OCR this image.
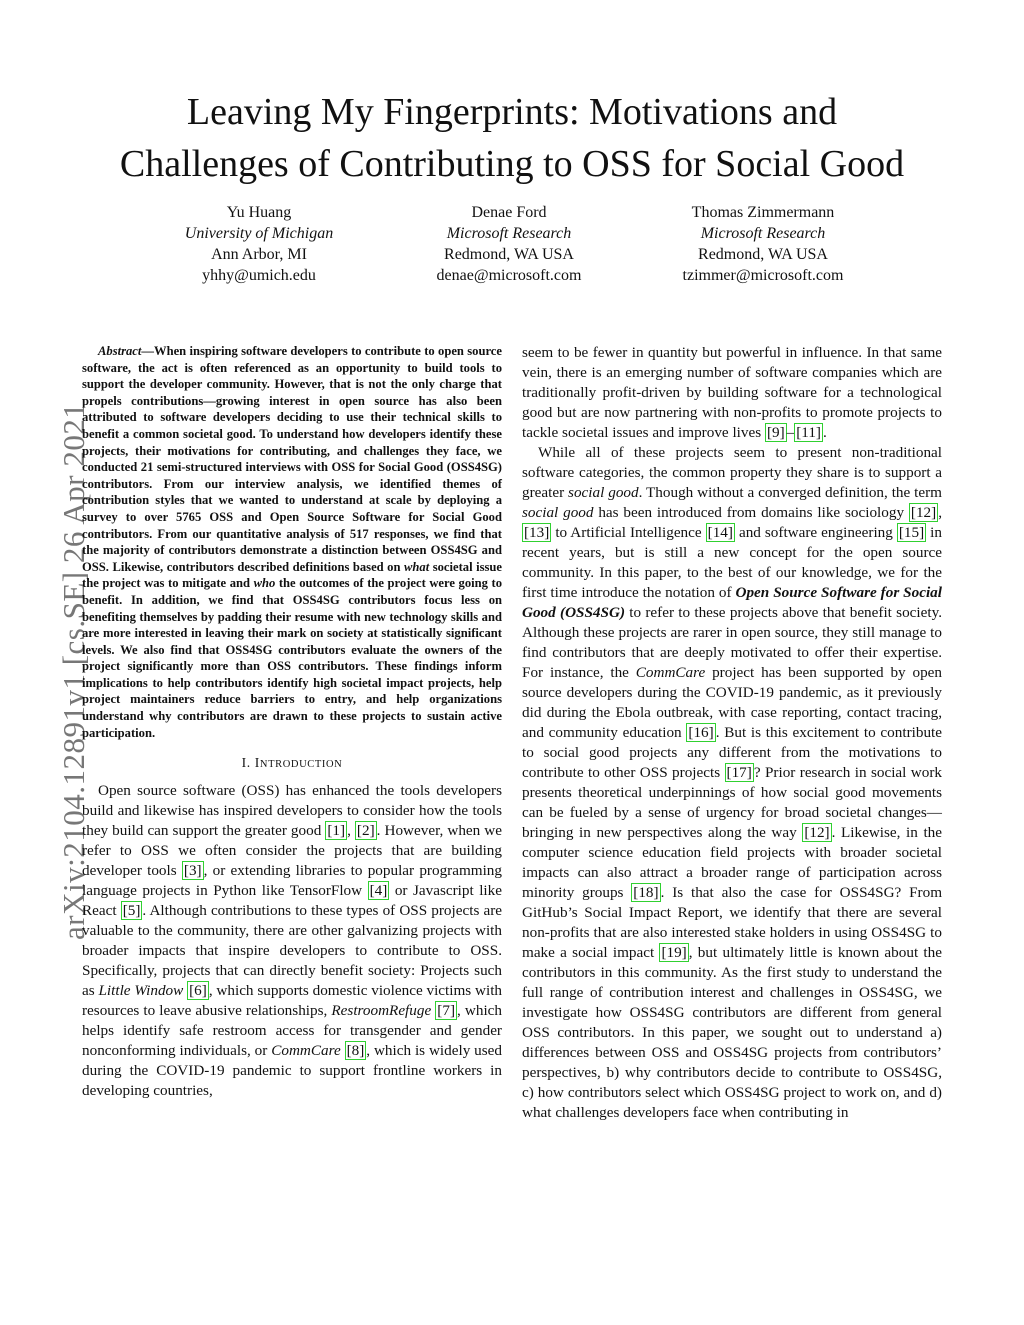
Leaving My Fingerprints: Motivations and
Challenges of Contributing to OSS for Social Good
Yu Huang
University of Michigan
Ann Arbor, MI
yhhy@umich.edu
Denae Ford
Microsoft Research
Redmond, WA USA
denae@microsoft.com
Thomas Zimmermann
Microsoft Research
Redmond, WA USA
tzimmer@microsoft.com
arXiv:2104.12891v1 [cs.SE] 26 Apr 2021

Abstract—When inspiring software developers to contribute to open source software, the act is often referenced as an opportunity to build tools to support the developer community. However, that is not the only charge that propels contributions—growing interest in open source has also been attributed to software developers deciding to use their technical skills to benefit a common societal good. To understand how developers identify these projects, their motivations for contributing, and challenges they face, we conducted 21 semi-structured interviews with OSS for Social Good (OSS4SG) contributors. From our interview analysis, we identified themes of contribution styles that we wanted to understand at scale by deploying a survey to over 5765 OSS and Open Source Software for Social Good contributors. From our quantitative analysis of 517 responses, we find that the majority of contributors demonstrate a distinction between OSS4SG and OSS. Likewise, contributors described definitions based on what societal issue the project was to mitigate and who the outcomes of the project were going to benefit. In addition, we find that OSS4SG contributors focus less on benefiting themselves by padding their resume with new technology skills and are more interested in leaving their mark on society at statistically significant levels. We also find that OSS4SG contributors evaluate the owners of the project significantly more than OSS contributors. These findings inform implications to help contributors identify high societal impact projects, help project maintainers reduce barriers to entry, and help organizations understand why contributors are drawn to these projects to sustain active participation.

I. INTRODUCTION

Open source software (OSS) has enhanced the tools developers build and likewise has inspired developers to consider how the tools they build can support the greater good [1] , [2] . However, when we refer to OSS we often consider the projects that are building developer tools [3] , or extending libraries to popular programming language projects in Python like TensorFlow [4] or Javascript like React [5] . Although contributions to these types of OSS projects are valuable to the community, there are other galvanizing projects with broader impacts that inspire developers to contribute to OSS. Specifically, projects that can directly benefit society: Projects such as Little Window [6] , which supports domestic violence victims with resources to leave abusive relationships, RestroomRefuge [7] , which helps identify safe restroom access for transgender and gender nonconforming individuals, or CommCare [8] , which is widely used during the COVID-19 pandemic to support frontline workers in developing countries,

seem to be fewer in quantity but powerful in influence. In that same vein, there is an emerging number of software companies which are traditionally profit-driven by building software for a technological good but are now partnering with non-profits to promote projects to tackle societal issues and improve lives [9] – [11] .

While all of these projects seem to present non-traditional software categories, the common property they share is to support a greater social good. Though without a converged definition, the term social good has been introduced from domains like sociology [12] , [13] to Artificial Intelligence [14] and software engineering [15] in recent years, but is still a new concept for the open source community. In this paper, to the best of our knowledge, we for the first time introduce the notation of Open Source Software for Social Good (OSS4SG) to refer to these projects above that benefit society. Although these projects are rarer in open source, they still manage to find contributors that are deeply motivated to offer their expertise. For instance, the CommCare project has been supported by open source developers during the COVID-19 pandemic, as it previously did during the Ebola outbreak, with case reporting, contact tracing, and community education [16] . But is this excitement to contribute to social good projects any different from the motivations to contribute to other OSS projects [17] ? Prior research in social work presents theoretical underpinnings of how social good movements can be fueled by a sense of urgency for broad societal changes—bringing in new perspectives along the way [12] . Likewise, in the computer science education field projects with broader societal impacts can also attract a broader range of participation across minority groups [18] . Is that also the case for OSS4SG? From GitHub’s Social Impact Report, we identify that there are several non-profits that are also interested stake holders in using OSS4SG to make a social impact [19] , but ultimately little is known about the contributors in this community. As the first study to understand the full range of contribution interest and challenges in OSS4SG, we investigate how OSS4SG contributors are different from general OSS contributors. In this paper, we sought out to understand a) differences between OSS and OSS4SG projects from contributors’ perspectives, b) why contributors decide to contribute to OSS4SG, c) how contributors select which OSS4SG project to work on, and d) what challenges developers face when contributing in
